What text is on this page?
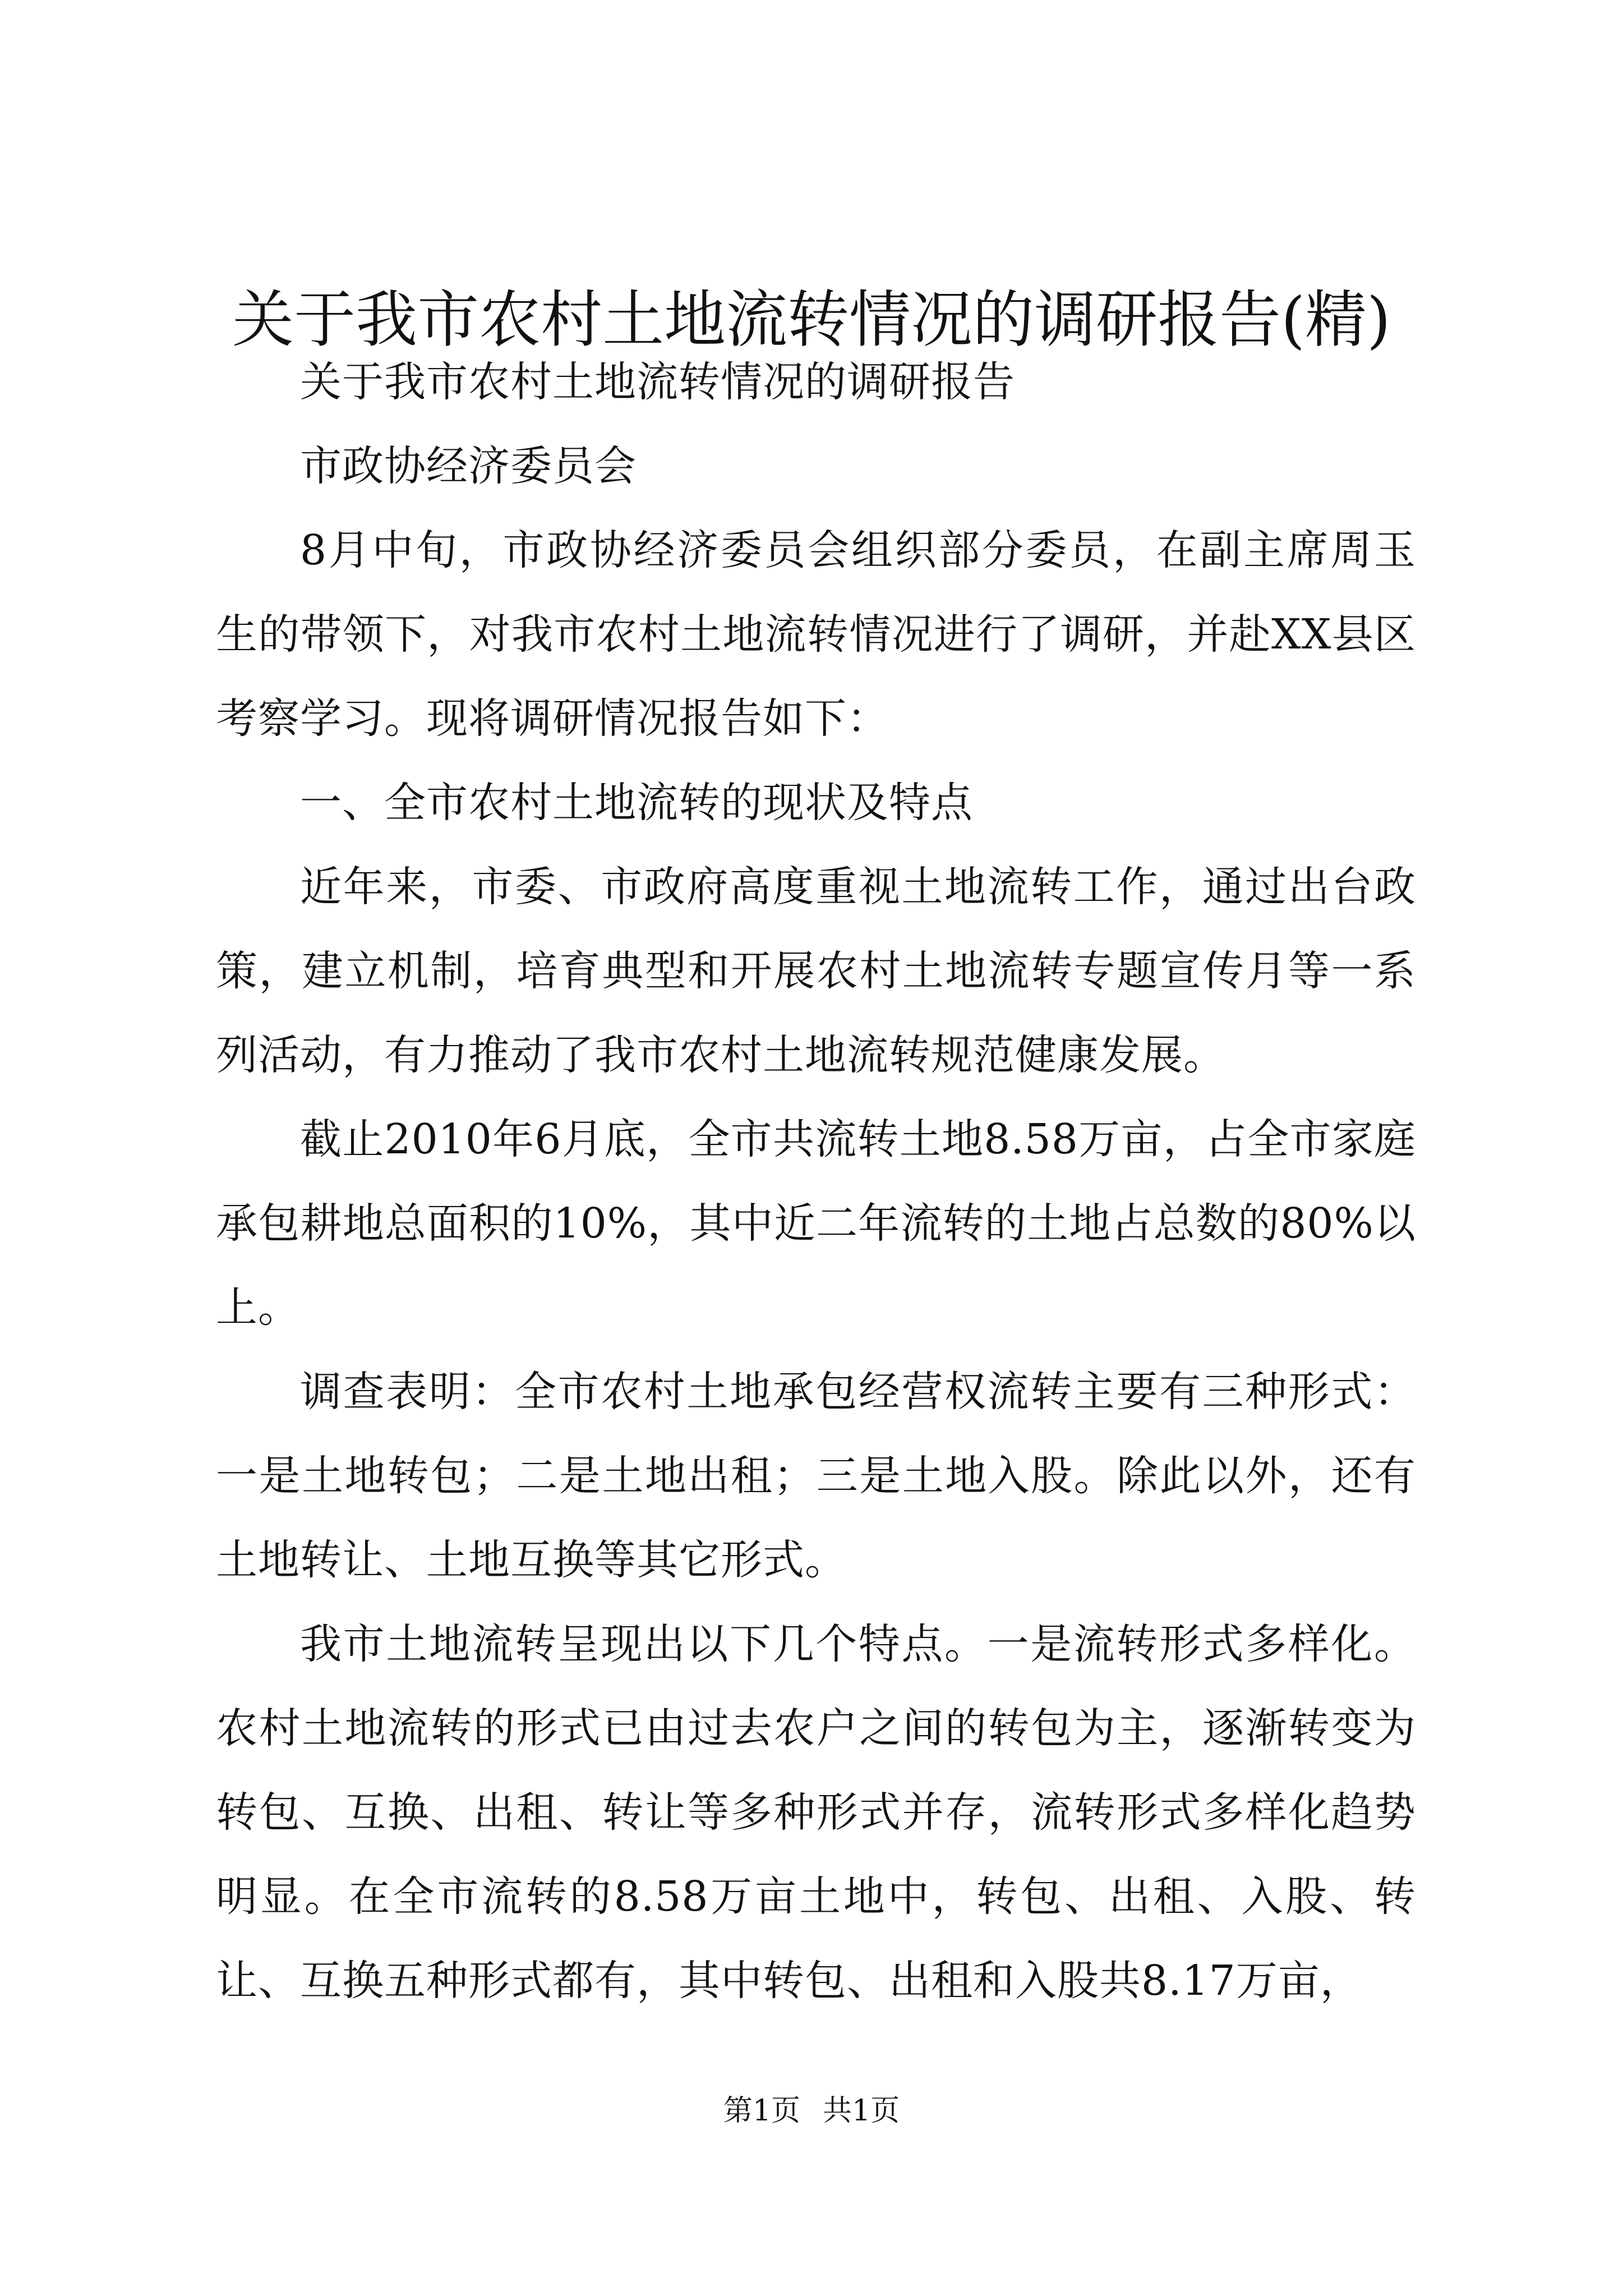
关于我市农村土地流转情况的调研报告(精)

关于我市农村土地流转情况的调研报告

市政协经济委员会

8月中旬，市政协经济委员会组织部分委员，在副主席周玉生的带领下，对我市农村土地流转情况进行了调研，并赴XX县区考察学习。现将调研情况报告如下：

一、全市农村土地流转的现状及特点

近年来，市委、市政府高度重视土地流转工作，通过出台政策，建立机制，培育典型和开展农村土地流转专题宣传月等一系列活动，有力推动了我市农村土地流转规范健康发展。

截止2010年6月底，全市共流转土地8.58万亩，占全市家庭承包耕地总面积的10%，其中近二年流转的土地占总数的80%以上。

调查表明：全市农村土地承包经营权流转主要有三种形式：一是土地转包；二是土地出租；三是土地入股。除此以外，还有土地转让、土地互换等其它形式。

我市土地流转呈现出以下几个特点。一是流转形式多样化。农村土地流转的形式已由过去农户之间的转包为主，逐渐转变为转包、互换、出租、转让等多种形式并存，流转形式多样化趋势明显。在全市流转的8.58万亩土地中，转包、出租、入股、转让、互换五种形式都有，其中转包、出租和入股共8.17万亩，

第1页 共1页
